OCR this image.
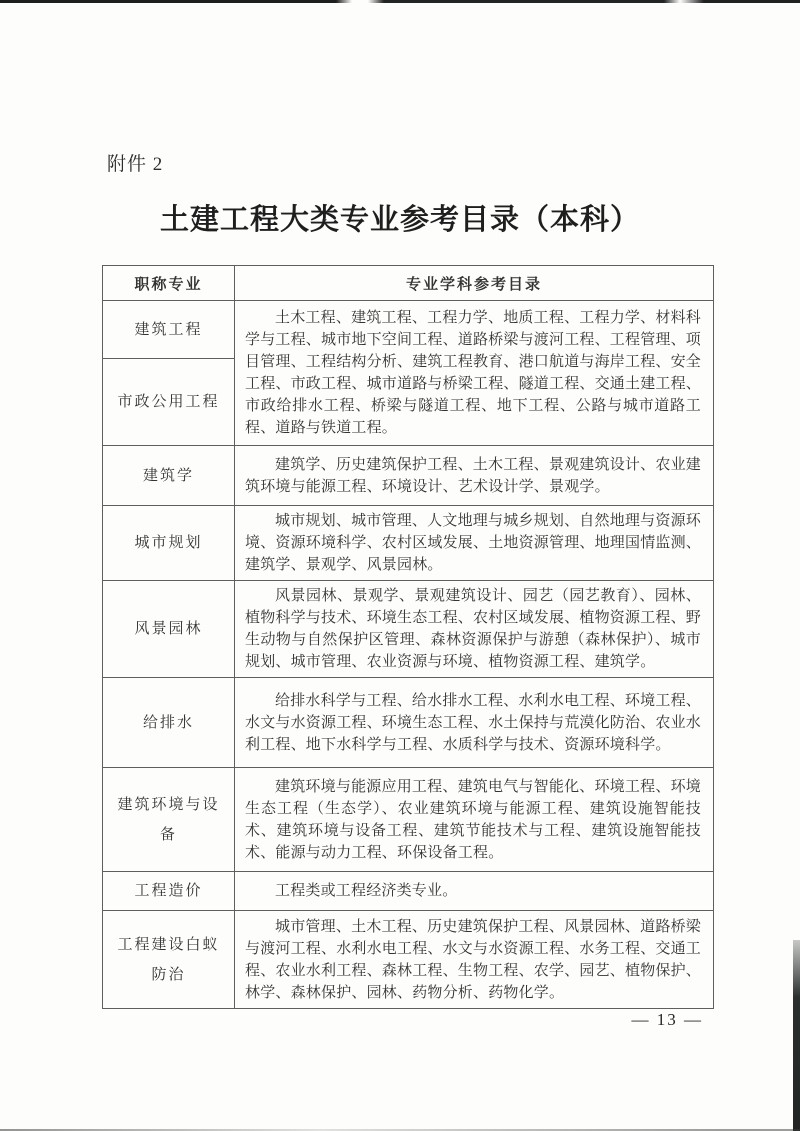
附件 2
土建工程大类专业参考目录（本科）
职称专业	专业学科参考目录
建筑工程	土木工程、建筑工程、工程力学、地质工程、工程力学、材料科学与工程、城市地下空间工程、道路桥梁与渡河工程、工程管理、项目管理、工程结构分析、建筑工程教育、港口航道与海岸工程、安全工程、市政工程、城市道路与桥梁工程、隧道工程、交通土建工程、市政给排水工程、桥梁与隧道工程、地下工程、公路与城市道路工程、道路与铁道工程。
市政公用工程	
建筑学	建筑学、历史建筑保护工程、土木工程、景观建筑设计、农业建筑环境与能源工程、环境设计、艺术设计学、景观学。
城市规划	城市规划、城市管理、人文地理与城乡规划、自然地理与资源环境、资源环境科学、农村区域发展、土地资源管理、地理国情监测、建筑学、景观学、风景园林。
风景园林	风景园林、景观学、景观建筑设计、园艺（园艺教育）、园林、植物科学与技术、环境生态工程、农村区域发展、植物资源工程、野生动物与自然保护区管理、森林资源保护与游憩（森林保护）、城市规划、城市管理、农业资源与环境、植物资源工程、建筑学。
给排水	给排水科学与工程、给水排水工程、水利水电工程、环境工程、水文与水资源工程、环境生态工程、水土保持与荒漠化防治、农业水利工程、地下水科学与工程、水质科学与技术、资源环境科学。
建筑环境与设备	建筑环境与能源应用工程、建筑电气与智能化、环境工程、环境生态工程（生态学）、农业建筑环境与能源工程、建筑设施智能技术、建筑环境与设备工程、建筑节能技术与工程、建筑设施智能技术、能源与动力工程、环保设备工程。
工程造价	工程类或工程经济类专业。
工程建设白蚁防治	城市管理、土木工程、历史建筑保护工程、风景园林、道路桥梁与渡河工程、水利水电工程、水文与水资源工程、水务工程、交通工程、农业水利工程、森林工程、生物工程、农学、园艺、植物保护、林学、森林保护、园林、药物分析、药物化学。
— 13 —
